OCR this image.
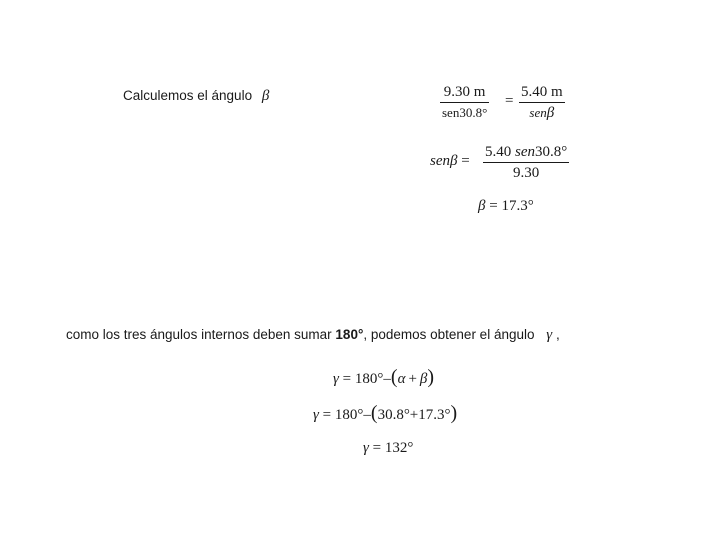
Calculemos el ángulo β	9.30 m
sen30.8°
=
5.40 m
senβ
senβ =
5.40 sen30.8°
9.30
β = 17.3°
como los tres ángulos internos deben sumar 180°, podemos obtener el ángulo γ ,
γ = 180°–(α + β)
γ = 180°–(30.8°+17.3°)
γ = 132°
